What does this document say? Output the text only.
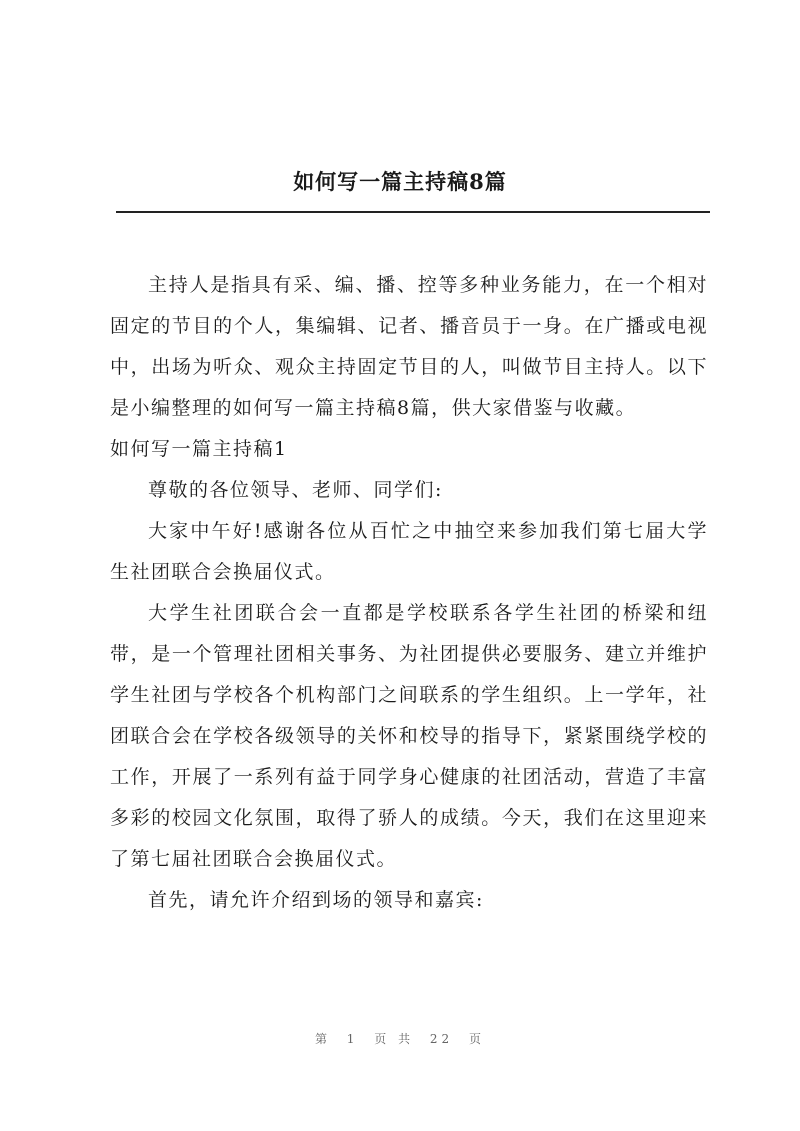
如何写一篇主持稿8篇

主持人是指具有采、编、播、控等多种业务能力，在一个相对固定的节目的个人，集编辑、记者、播音员于一身。在广播或电视中，出场为听众、观众主持固定节目的人，叫做节目主持人。以下是小编整理的如何写一篇主持稿8篇，供大家借鉴与收藏。

如何写一篇主持稿1

尊敬的各位领导、老师、同学们:

大家中午好!感谢各位从百忙之中抽空来参加我们第七届大学生社团联合会换届仪式。

大学生社团联合会一直都是学校联系各学生社团的桥梁和纽带，是一个管理社团相关事务、为社团提供必要服务、建立并维护学生社团与学校各个机构部门之间联系的学生组织。上一学年，社团联合会在学校各级领导的关怀和校导的指导下，紧紧围绕学校的工作，开展了一系列有益于同学身心健康的社团活动，营造了丰富多彩的校园文化氛围，取得了骄人的成绩。今天，我们在这里迎来了第七届社团联合会换届仪式。

首先，请允许介绍到场的领导和嘉宾:

第 1 页 共 22 页
